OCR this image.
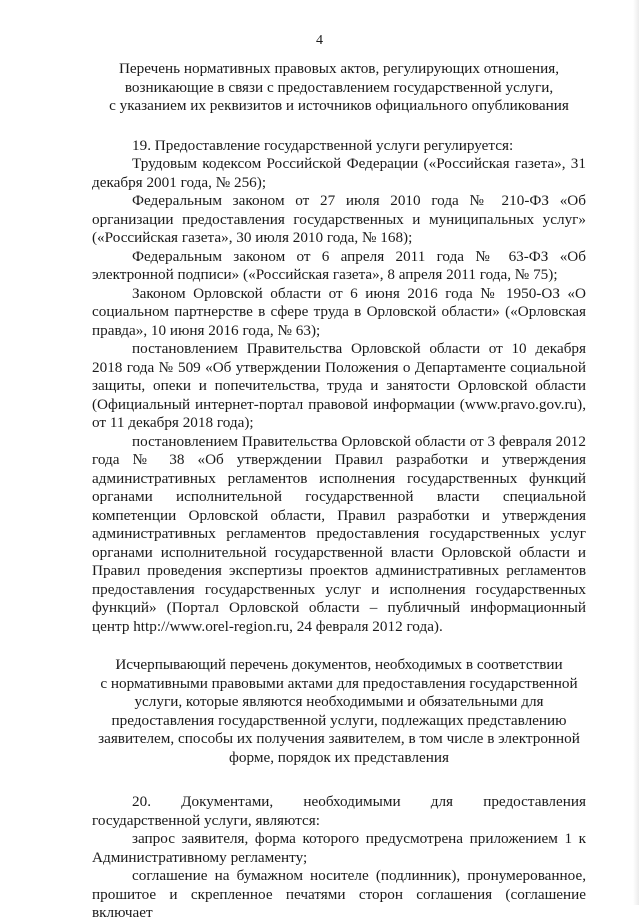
4
Перечень нормативных правовых актов, регулирующих отношения,
возникающие в связи с предоставлением государственной услуги,
с указанием их реквизитов и источников официального опубликования

19. Предоставление государственной услуги регулируется:

Трудовым кодексом Российской Федерации («Российская газета», 31 декабря 2001 года, № 256);

Федеральным законом от 27 июля 2010 года № 210-ФЗ «Об организации предоставления государственных и муниципальных услуг» («Российская газета», 30 июля 2010 года, № 168);

Федеральным законом от 6 апреля 2011 года № 63-ФЗ «Об электронной подписи» («Российская газета», 8 апреля 2011 года, № 75);

Законом Орловской области от 6 июня 2016 года № 1950-ОЗ «О социальном партнерстве в сфере труда в Орловской области» («Орловская правда», 10 июня 2016 года, № 63);

постановлением Правительства Орловской области от 10 декабря 2018 года № 509 «Об утверждении Положения о Департаменте социальной защиты, опеки и попечительства, труда и занятости Орловской области (Официальный интернет-портал правовой информации (www.pravo.gov.ru), от 11 декабря 2018 года);

постановлением Правительства Орловской области от 3 февраля 2012 года № 38 «Об утверждении Правил разработки и утверждения административных регламентов исполнения государственных функций органами исполнительной государственной власти специальной компетенции Орловской области, Правил разработки и утверждения административных регламентов предоставления государственных услуг органами исполнительной государственной власти Орловской области и Правил проведения экспертизы проектов административных регламентов предоставления государственных услуг и исполнения государственных функций» (Портал Орловской области – публичный информационный центр http://www.orel-region.ru, 24 февраля 2012 года).

Исчерпывающий перечень документов, необходимых в соответствии
с нормативными правовыми актами для предоставления государственной
услуги, которые являются необходимыми и обязательными для
предоставления государственной услуги, подлежащих представлению
заявителем, способы их получения заявителем, в том числе в электронной
форме, порядок их представления

20. Документами, необходимыми для предоставления государственной услуги, являются:

запрос заявителя, форма которого предусмотрена приложением 1 к Административному регламенту;

соглашение на бумажном носителе (подлинник), пронумерованное, прошитое и скрепленное печатями сторон соглашения (соглашение включает
